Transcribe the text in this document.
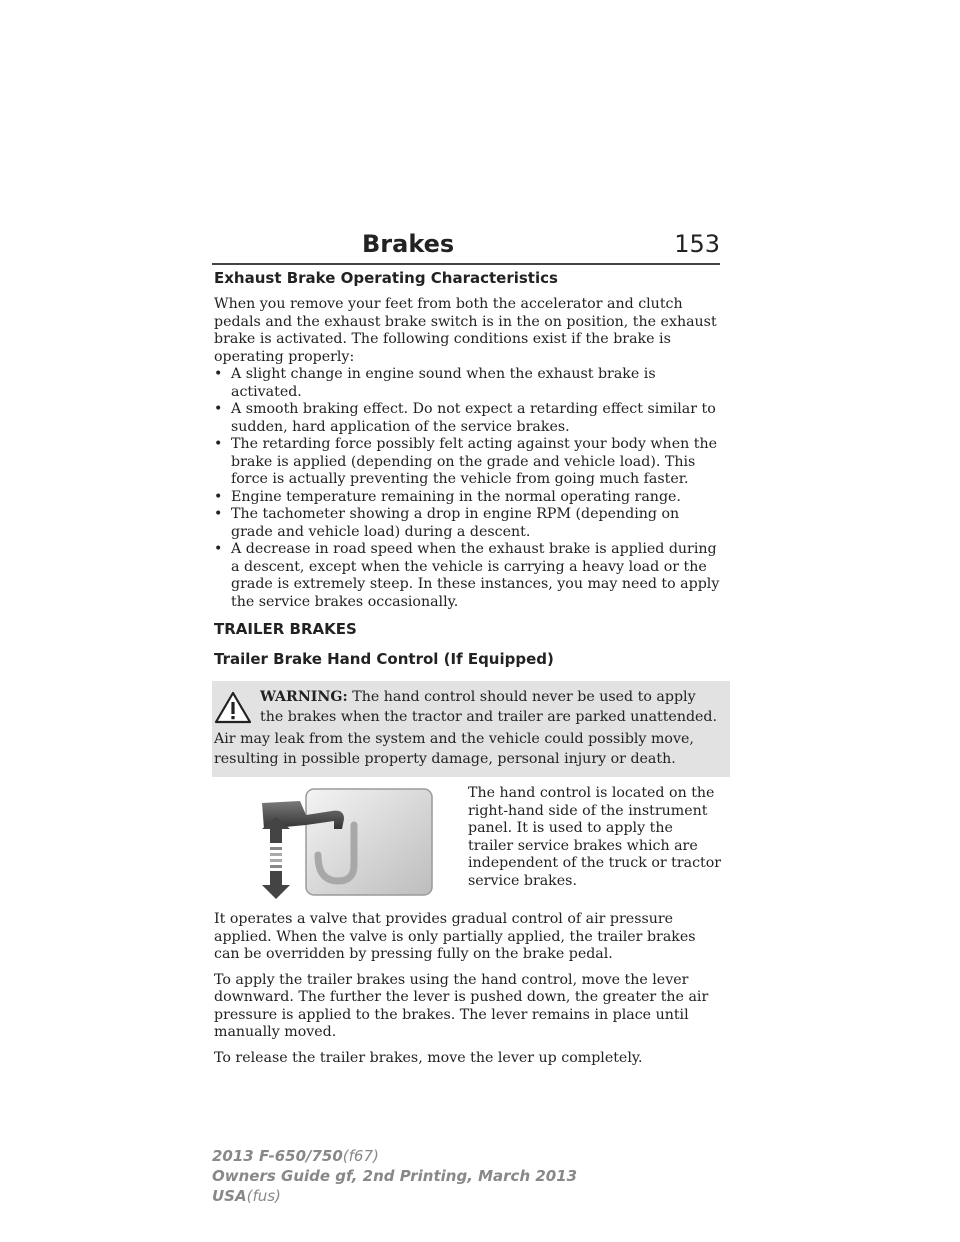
Brakes	153
Exhaust Brake Operating Characteristics

When you remove your feet from both the accelerator and clutch pedals and the exhaust brake switch is in the on position, the exhaust brake is activated. The following conditions exist if the brake is operating properly:

• A slight change in engine sound when the exhaust brake is activated.
• A smooth braking effect. Do not expect a retarding effect similar to sudden, hard application of the service brakes.
• The retarding force possibly felt acting against your body when the brake is applied (depending on the grade and vehicle load). This force is actually preventing the vehicle from going much faster.
• Engine temperature remaining in the normal operating range.
• The tachometer showing a drop in engine RPM (depending on grade and vehicle load) during a descent.
• A decrease in road speed when the exhaust brake is applied during a descent, except when the vehicle is carrying a heavy load or the grade is extremely steep. In these instances, you may need to apply the service brakes occasionally.
TRAILER BRAKES
Trailer Brake Hand Control (If Equipped)
WARNING: The hand control should never be used to apply the brakes when the tractor and trailer are parked unattended.
Air may leak from the system and the vehicle could possibly move, resulting in possible property damage, personal injury or death.
The hand control is located on the right-hand side of the instrument panel. It is used to apply the trailer service brakes which are independent of the truck or tractor service brakes.

It operates a valve that provides gradual control of air pressure applied. When the valve is only partially applied, the trailer brakes can be overridden by pressing fully on the brake pedal.

To apply the trailer brakes using the hand control, move the lever downward. The further the lever is pushed down, the greater the air pressure is applied to the brakes. The lever remains in place until manually moved.

To release the trailer brakes, move the lever up completely.

2013 F-650/750(f67)
Owners Guide gf, 2nd Printing, March 2013
USA(fus)
